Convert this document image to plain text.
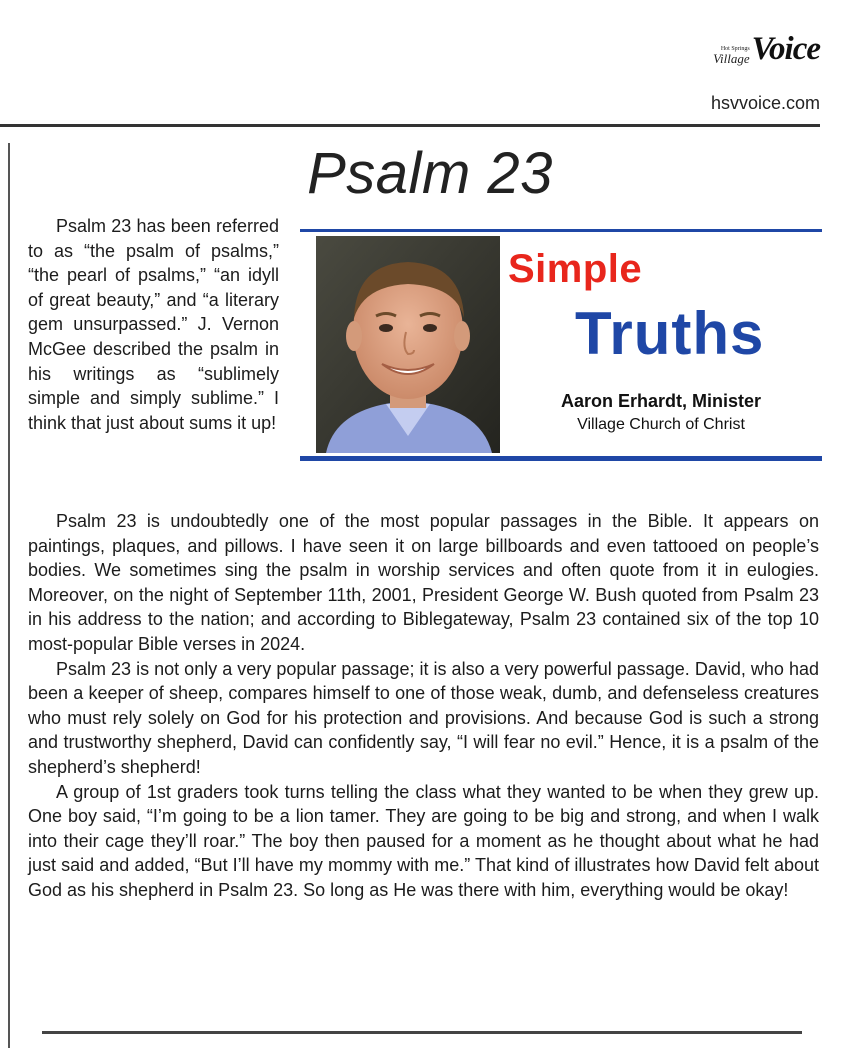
Hot Springs
Village Voice
hsvvoice.com
Psalm 23

Psalm 23 has been referred to as “the psalm of psalms,” “the pearl of psalms,” “an idyll of great beauty,” and “a literary gem unsurpassed.” J. Vernon McGee described the psalm in his writings as “sublimely simple and simply sublime.” I think that just about sums it up!

Simple
Truths
Aaron Erhardt, Minister
Village Church of Christ

Psalm 23 is undoubtedly one of the most popular passages in the Bible. It appears on paintings, plaques, and pillows. I have seen it on large billboards and even tattooed on people’s bodies. We sometimes sing the psalm in worship services and often quote from it in eulogies. Moreover, on the night of September 11th, 2001, President George W. Bush quoted from Psalm 23 in his address to the nation; and according to Biblegateway, Psalm 23 contained six of the top 10 most-popular Bible verses in 2024.

Psalm 23 is not only a very popular passage; it is also a very powerful passage. David, who had been a keeper of sheep, compares himself to one of those weak, dumb, and defenseless creatures who must rely solely on God for his protection and provisions. And because God is such a strong and trustworthy shepherd, David can confidently say, “I will fear no evil.” Hence, it is a psalm of the shepherd’s shepherd!

A group of 1st graders took turns telling the class what they wanted to be when they grew up. One boy said, “I’m going to be a lion tamer. They are going to be big and strong, and when I walk into their cage they’ll roar.” The boy then paused for a moment as he thought about what he had just said and added, “But I’ll have my mommy with me.” That kind of illustrates how David felt about God as his shepherd in Psalm 23. So long as He was there with him, everything would be okay!
